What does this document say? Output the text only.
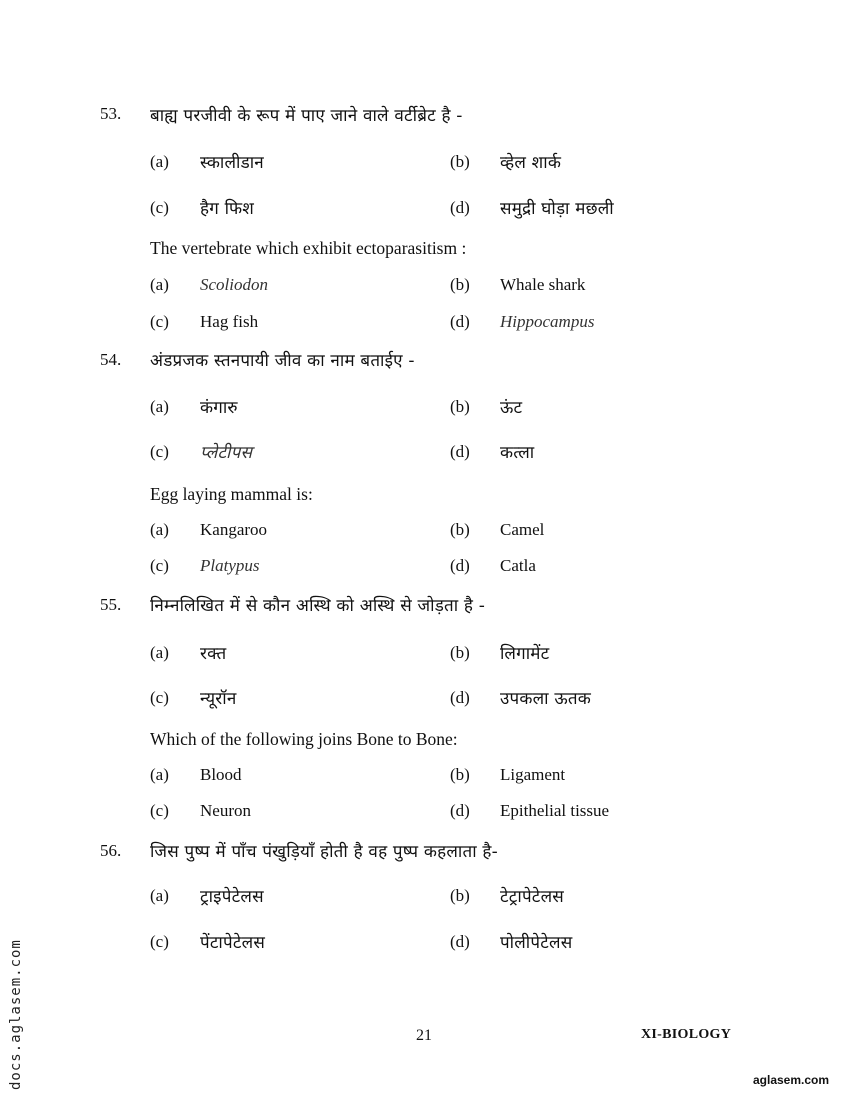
53. बाह्य परजीवी के रूप में पाए जाने वाले वर्टीब्रेट है -
(a) स्कालीडान	(b) व्हेल शार्क
(c) हैग फिश	(d) समुद्री घोड़ा मछली
The vertebrate which exhibit ectoparasitism :
(a) Scoliodon	(b) Whale shark
(c) Hag fish	(d) Hippocampus
54. अंडप्रजक स्तनपायी जीव का नाम बताईए -
(a) कंगारु	(b) ऊंट
(c) प्लेटीपस	(d) कत्ला
Egg laying mammal is:
(a) Kangaroo	(b) Camel
(c) Platypus	(d) Catla
55. निम्नलिखित में से कौन अस्थि को अस्थि से जोड़ता है -
(a) रक्त	(b) लिगामेंट
(c) न्यूरॉन	(d) उपकला ऊतक
Which of the following joins Bone to Bone:
(a) Blood	(b) Ligament
(c) Neuron	(d) Epithelial tissue
56. जिस पुष्प में पाँच पंखुड़ियाँ होती है वह पुष्प कहलाता है-
(a) ट्राइपेटेलस	(b) टेट्रापेटेलस
(c) पेंटापेटेलस	(d) पोलीपेटेलस
21	XI-BIOLOGY
aglasem.com
docs.aglasem.com
